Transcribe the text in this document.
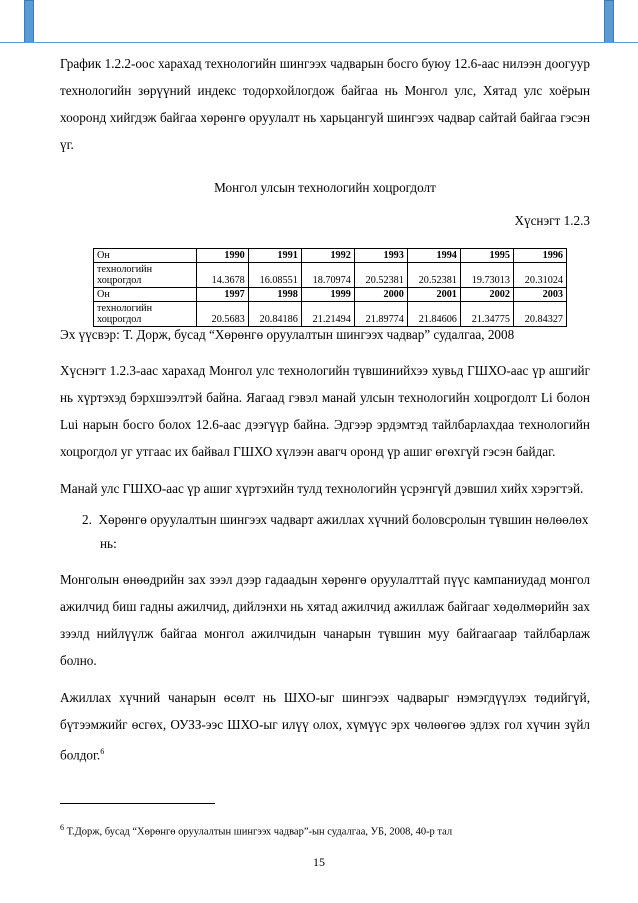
График 1.2.2-оос харахад технологийн шингээх чадварын босго буюу 12.6-аас нилээн доогуур технологийн зөрүүний индекс тодорхойлогдож байгаа нь Монгол улс, Хятад улс хоёрын хооронд хийгдэж байгаа хөрөнгө оруулалт нь харьцангуй шингээх чадвар сайтай байгаа гэсэн үг.

Монгол улсын технологийн хоцрогдолт

Хүснэгт 1.2.3

Он	1990	1991	1992	1993	1994	1995	1996
технологийн
хоцрогдол	14.3678	16.08551	18.70974	20.52381	20.52381	19.73013	20.31024
Он	1997	1998	1999	2000	2001	2002	2003
технологийн
хоцрогдол	20.5683	20.84186	21.21494	21.89774	21.84606	21.34775	20.84327

Эх үүсвэр: Т. Дорж, бусад “Хөрөнгө оруулалтын шингээх чадвар” судалгаа, 2008

Хүснэгт 1.2.3-аас харахад Монгол улс технологийн түвшинийхээ хувьд ГШХО-аас үр ашгийг нь хүртэхэд бэрхшээлтэй байна. Яагаад гэвэл манай улсын технологийн хоцрогдолт Li болон Lui нарын босго болох 12.6-аас дээгүүр байна. Эдгээр эрдэмтэд тайлбарлахдаа технологийн хоцрогдол уг утгаас их байвал ГШХО хүлээн авагч оронд үр ашиг өгөхгүй гэсэн байдаг.

Манай улс ГШХО-аас үр ашиг хүртэхийн тулд технологийн үсрэнгүй дэвшил хийх хэрэгтэй.

2. Хөрөнгө оруулалтын шингээх чадварт ажиллах хүчний боловсролын түвшин нөлөөлөх нь:

Монголын өнөөдрийн зах зээл дээр гадаадын хөрөнгө оруулалттай пүүс кампаниудад монгол ажилчид биш гадны ажилчид, дийлэнхи нь хятад ажилчид ажиллаж байгааг хөдөлмөрийн зах зээлд нийлүүлж байгаа монгол ажилчидын чанарын түвшин муу байгаагаар тайлбарлаж болно.

Ажиллах хүчний чанарын өсөлт нь ШХО-ыг шингээх чадварыг нэмэгдүүлэх төдийгүй, бүтээмжийг өсгөх, ОУЗЗ-ээс ШХО-ыг илүү олох, хүмүүс эрх чөлөөгөө эдлэх гол хүчин зүйл болдог.$^6$

$^6$ Т.Дорж, бусад “Хөрөнгө оруулалтын шингээх чадвар”-ын судалгаа, УБ, 2008, 40-р тал
15
